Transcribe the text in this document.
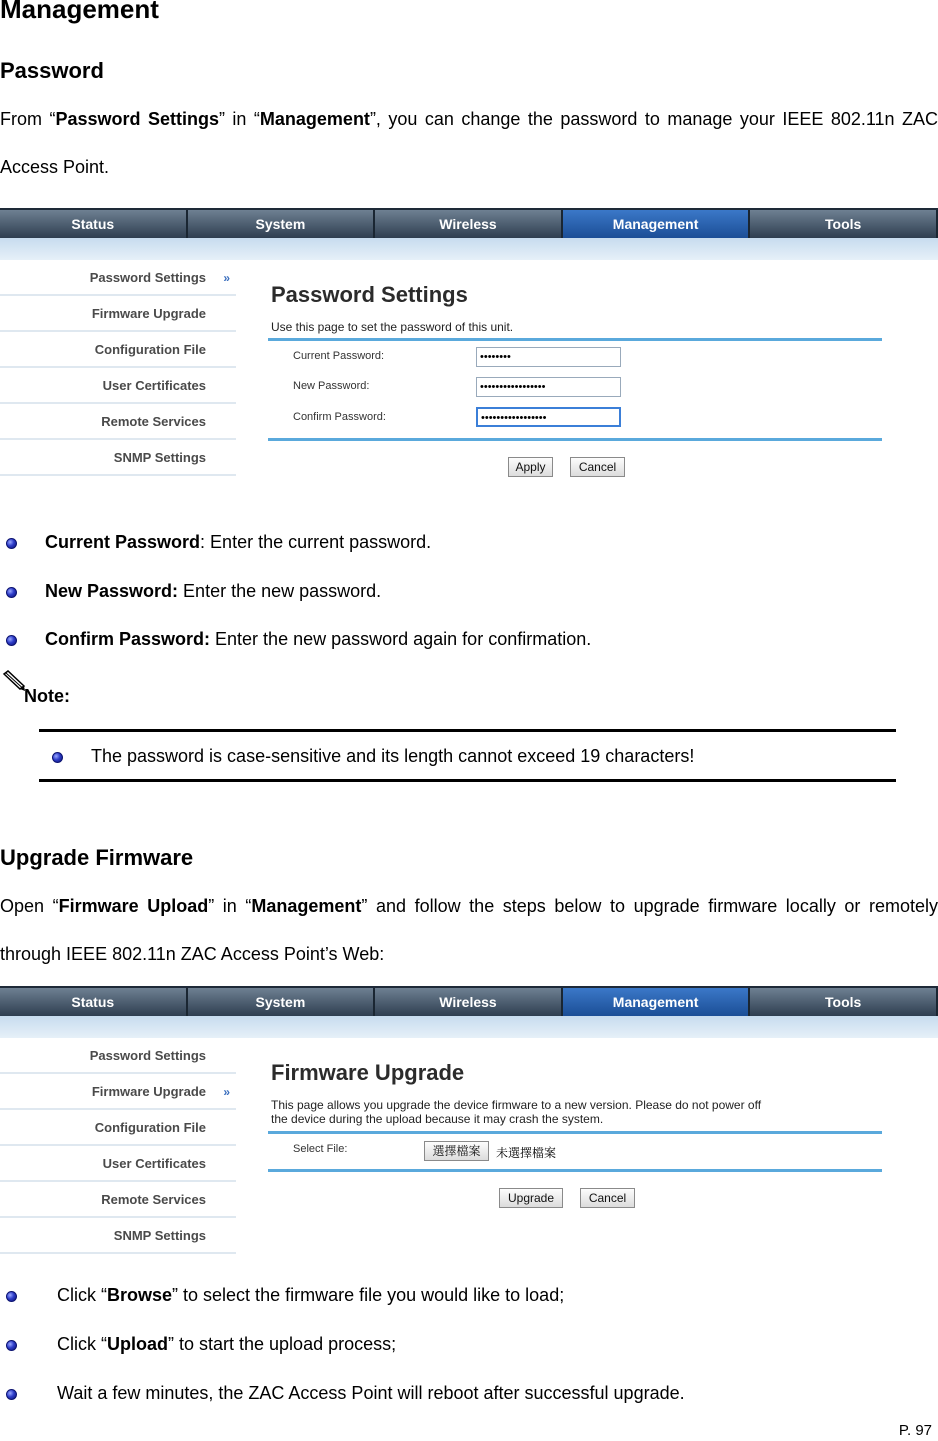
Management
Password

From “Password Settings” in “Management”, you can change the password to manage your IEEE 802.11n ZAC Access Point.

Status	System	Wireless	Management	Tools
Password Settings »
Firmware Upgrade
Configuration File
User Certificates
Remote Services
SNMP Settings
Password Settings
Use this page to set the password of this unit.
Current Password:	••••••••
New Password:	•••••••••••••••••
Confirm Password:	•••••••••••••••••
Apply	Cancel
Current Password: Enter the current password.
New Password: Enter the new password.
Confirm Password: Enter the new password again for confirmation.
Note:
The password is case-sensitive and its length cannot exceed 19 characters!
Upgrade Firmware

Open “Firmware Upload” in “Management” and follow the steps below to upgrade firmware locally or remotely through IEEE 802.11n ZAC Access Point’s Web:

Status	System	Wireless	Management	Tools
Password Settings
Firmware Upgrade »
Configuration File
User Certificates
Remote Services
SNMP Settings
Firmware Upgrade
This page allows you upgrade the device firmware to a new version. Please do not power off
the device during the upload because it may crash the system.
Select File:	選擇檔案	未選擇檔案
Upgrade	Cancel
Click “Browse” to select the firmware file you would like to load;
Click “Upload” to start the upload process;
Wait a few minutes, the ZAC Access Point will reboot after successful upgrade.
P. 97
